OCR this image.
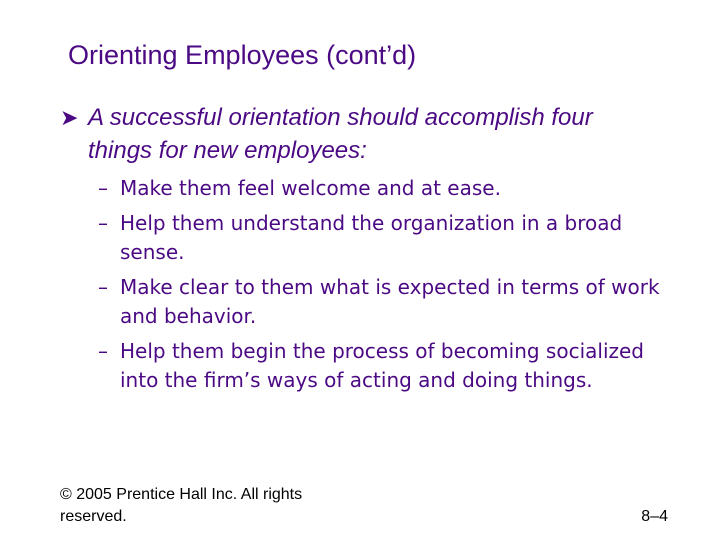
Orienting Employees (cont’d)
➤ A successful orientation should accomplish four things for new employees:
– Make them feel welcome and at ease.
– Help them understand the organization in a broad sense.
– Make clear to them what is expected in terms of work and behavior.
– Help them begin the process of becoming socialized into the firm’s ways of acting and doing things.
© 2005 Prentice Hall Inc. All rights reserved.	8–4
